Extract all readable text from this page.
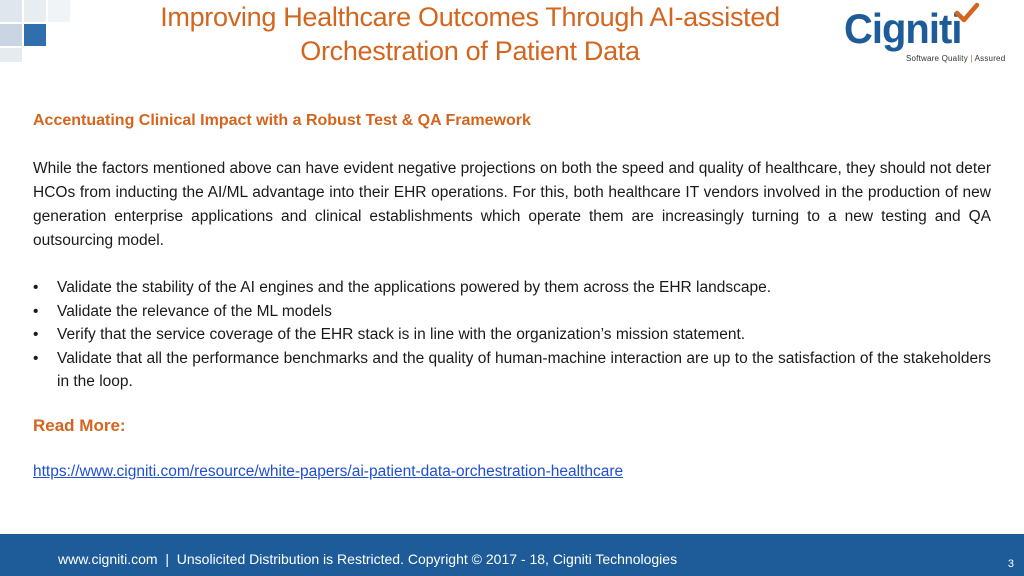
Improving Healthcare Outcomes Through AI-assisted
Orchestration of Patient Data	Cigniti
Software Quality | Assured
Accentuating Clinical Impact with a Robust Test & QA Framework

While the factors mentioned above can have evident negative projections on both the speed and quality of healthcare, they should not deter HCOs from inducting the AI/ML advantage into their EHR operations. For this, both healthcare IT vendors involved in the production of new generation enterprise applications and clinical establishments which operate them are increasingly turning to a new testing and QA outsourcing model.

• Validate the stability of the AI engines and the applications powered by them across the EHR landscape.
• Validate the relevance of the ML models
• Verify that the service coverage of the EHR stack is in line with the organization’s mission statement.
• Validate that all the performance benchmarks and the quality of human-machine interaction are up to the satisfaction of the stakeholders in the loop.
Read More:
https://www.cigniti.com/resource/white-papers/ai-patient-data-orchestration-healthcare
www.cigniti.com  |  Unsolicited Distribution is Restricted. Copyright © 2017 - 18, Cigniti Technologies	3
